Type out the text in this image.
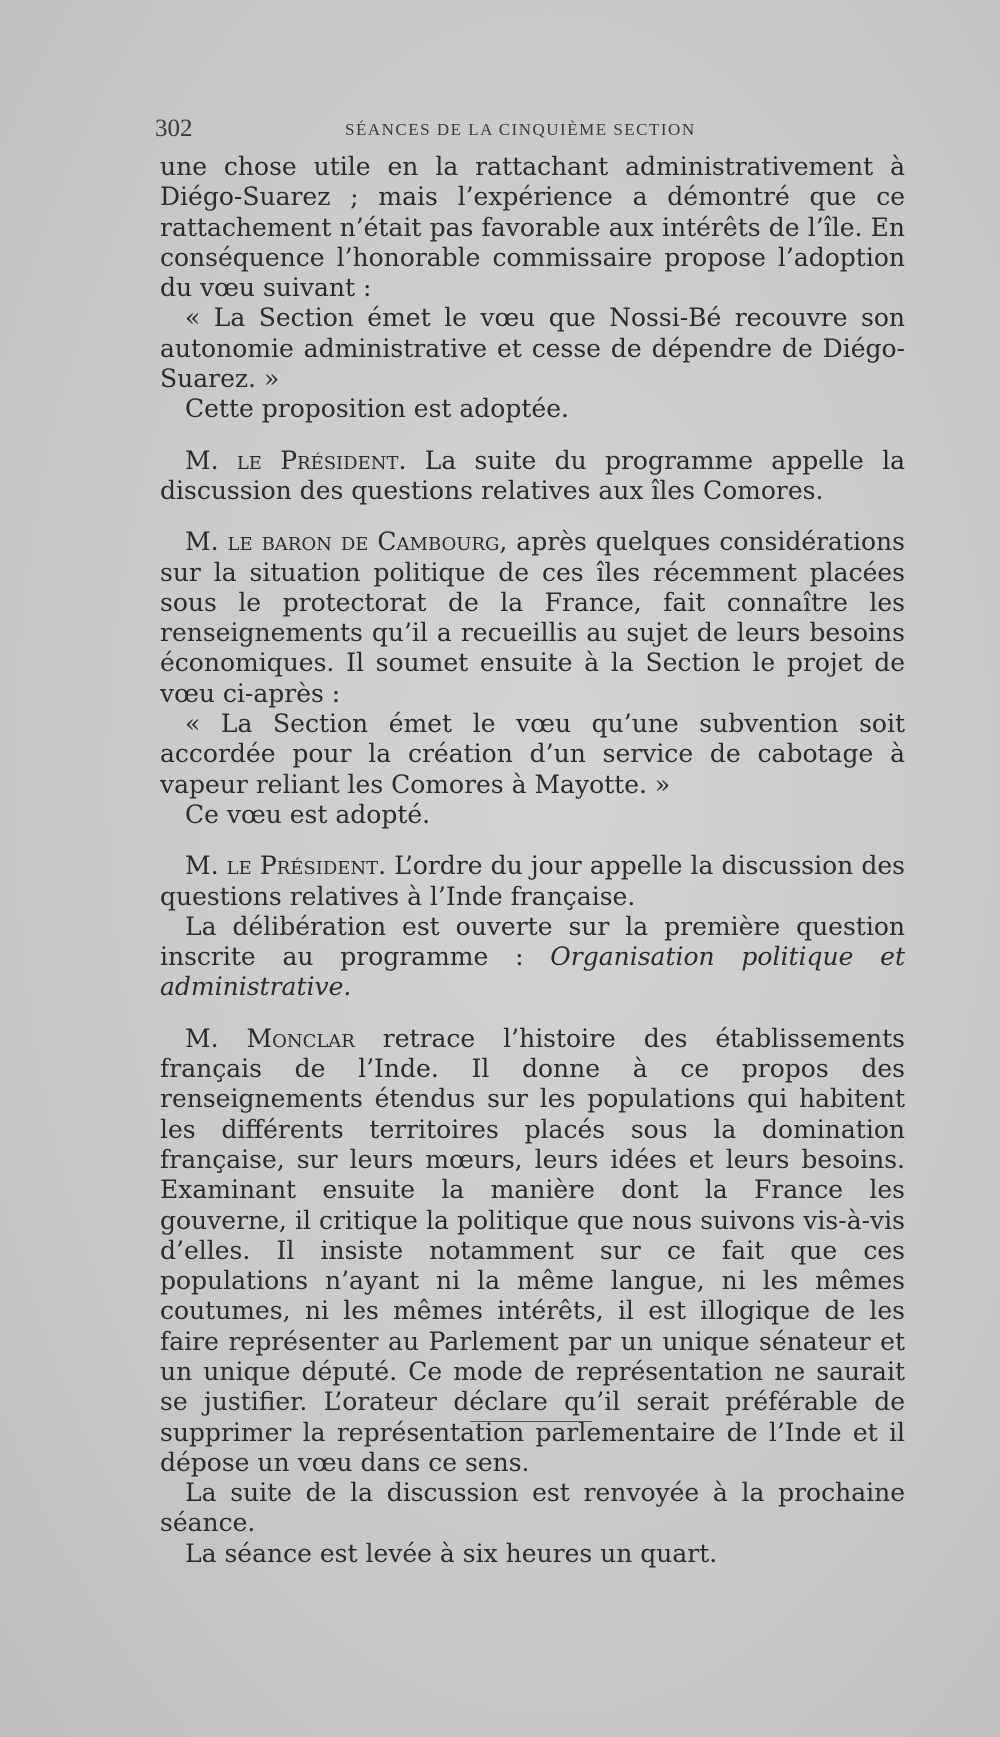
302	SÉANCES DE LA CINQUIÈME SECTION

une chose utile en la rattachant administrativement à Diégo-Suarez ; mais l’expérience a démontré que ce rattachement n’était pas favorable aux intérêts de l’île. En conséquence l’honorable commissaire propose l’adoption du vœu suivant :

« La Section émet le vœu que Nossi-Bé recouvre son autonomie administrative et cesse de dépendre de Diégo-Suarez. »

Cette proposition est adoptée.

M. le Président. La suite du programme appelle la discussion des questions relatives aux îles Comores.

M. le baron de Cambourg, après quelques considérations sur la situation politique de ces îles récemment placées sous le protectorat de la France, fait connaître les renseignements qu’il a recueillis au sujet de leurs besoins économiques. Il soumet ensuite à la Section le projet de vœu ci-après :

« La Section émet le vœu qu’une subvention soit accordée pour la création d’un service de cabotage à vapeur reliant les Comores à Mayotte. »

Ce vœu est adopté.

M. le Président. L’ordre du jour appelle la discussion des questions relatives à l’Inde française.

La délibération est ouverte sur la première question inscrite au programme : Organisation politique et administrative.

M. Monclar retrace l’histoire des établissements français de l’Inde. Il donne à ce propos des renseignements étendus sur les populations qui habitent les différents territoires placés sous la domination française, sur leurs mœurs, leurs idées et leurs besoins. Examinant ensuite la manière dont la France les gouverne, il critique la politique que nous suivons vis-à-vis d’elles. Il insiste notamment sur ce fait que ces populations n’ayant ni la même langue, ni les mêmes coutumes, ni les mêmes intérêts, il est illogique de les faire représenter au Parlement par un unique sénateur et un unique député. Ce mode de représentation ne saurait se justifier. L’orateur déclare qu’il serait préférable de supprimer la représentation parlementaire de l’Inde et il dépose un vœu dans ce sens.

La suite de la discussion est renvoyée à la prochaine séance.

La séance est levée à six heures un quart.
